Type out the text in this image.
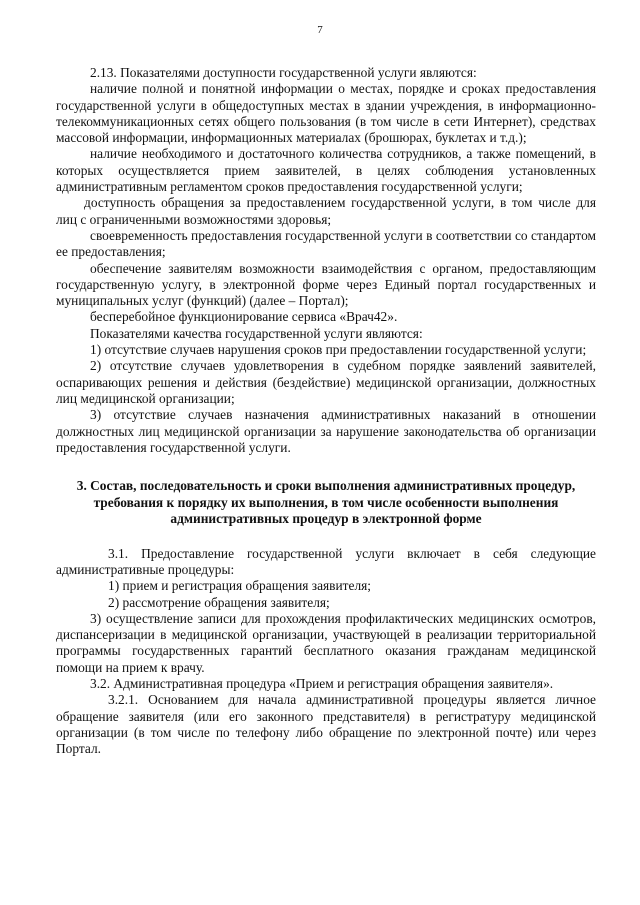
7

2.13. Показателями доступности государственной услуги являются:

наличие полной и понятной информации о местах, порядке и сроках предоставления государственной услуги в общедоступных местах в здании учреждения, в информационно-телекоммуникационных сетях общего пользования (в том числе в сети Интернет), средствах массовой информации, информационных материалах (брошюрах, буклетах и т.д.);

наличие необходимого и достаточного количества сотрудников, а также помещений, в которых осуществляется прием заявителей, в целях соблюдения установленных административным регламентом сроков предоставления государственной услуги;

доступность обращения за предоставлением государственной услуги, в том числе для лиц с ограниченными возможностями здоровья;

своевременность предоставления государственной услуги в соответствии со стандартом ее предоставления;

обеспечение заявителям возможности взаимодействия с органом, предоставляющим государственную услугу, в электронной форме через Единый портал государственных и муниципальных услуг (функций) (далее – Портал);

бесперебойное функционирование сервиса «Врач42».

Показателями качества государственной услуги являются:

1) отсутствие случаев нарушения сроков при предоставлении государственной услуги;

2) отсутствие случаев удовлетворения в судебном порядке заявлений заявителей, оспаривающих решения и действия (бездействие) медицинской организации, должностных лиц медицинской организации;

3) отсутствие случаев назначения административных наказаний в отношении должностных лиц медицинской организации за нарушение законодательства об организации предоставления государственной услуги.

3. Состав, последовательность и сроки выполнения административных процедур, требования к порядку их выполнения, в том числе особенности выполнения административных процедур в электронной форме

3.1. Предоставление государственной услуги включает в себя следующие административные процедуры:

1) прием и регистрация обращения заявителя;

2) рассмотрение обращения заявителя;

3) осуществление записи для прохождения профилактических медицинских осмотров, диспансеризации в медицинской организации, участвующей в реализации территориальной программы государственных гарантий бесплатного оказания гражданам медицинской помощи на прием к врачу.

3.2. Административная процедура «Прием и регистрация обращения заявителя».

3.2.1. Основанием для начала административной процедуры является личное обращение заявителя (или его законного представителя) в регистратуру медицинской организации (в том числе по телефону либо обращение по электронной почте) или через Портал.
